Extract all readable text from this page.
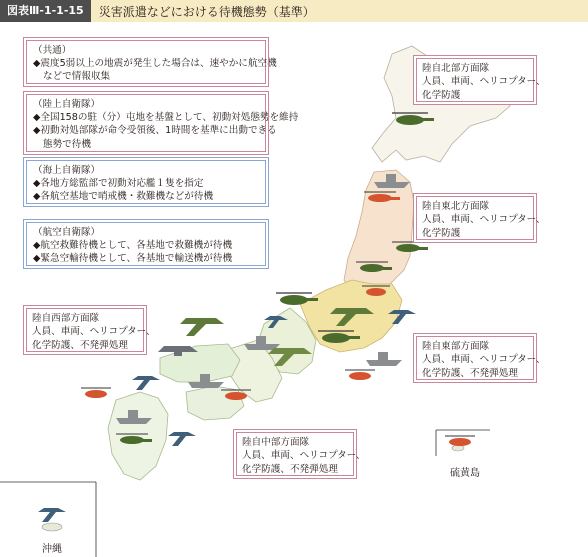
図表Ⅲ-1-1-15	災害派遣などにおける待機態勢（基準）
（共通）
◆震度5弱以上の地震が発生した場合は、速やかに航空機
などで情報収集
（陸上自衛隊）
◆全国158の駐（分）屯地を基盤として、初動対処態勢を維持
◆初動対処部隊が命令受領後、1時間を基準に出動できる
態勢で待機
（海上自衛隊）
◆各地方総監部で初動対応艦１隻を指定
◆各航空基地で哨戒機・救難機などが待機
（航空自衛隊）
◆航空救難待機として、各基地で救難機が待機
◆緊急空輸待機として、各基地で輸送機が待機
陸自北部方面隊
人員、車両、ヘリコプター、
化学防護
陸自東北方面隊
人員、車両、ヘリコプター、
化学防護
陸自東部方面隊
人員、車両、ヘリコプター、
化学防護、不発弾処理
陸自中部方面隊
人員、車両、ヘリコプター、
化学防護、不発弾処理
陸自西部方面隊
人員、車両、ヘリコプター、
化学防護、不発弾処理
沖縄
硫黄島
